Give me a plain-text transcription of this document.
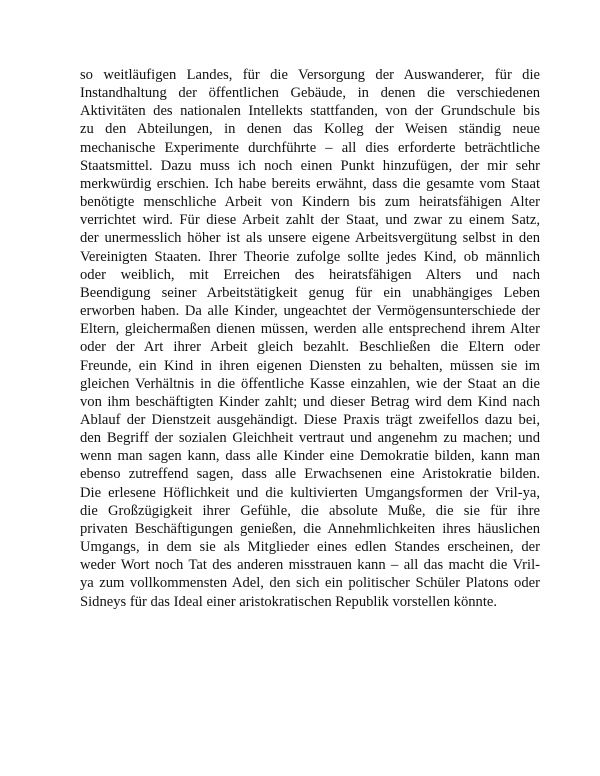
so weitläufigen Landes, für die Versorgung der Auswanderer, für die
Instandhaltung der öffentlichen Gebäude, in denen die verschiedenen
Aktivitäten des nationalen Intellekts stattfanden, von der Grundschule bis
zu den Abteilungen, in denen das Kolleg der Weisen ständig neue
mechanische Experimente durchführte – all dies erforderte beträchtliche
Staatsmittel. Dazu muss ich noch einen Punkt hinzufügen, der mir sehr
merkwürdig erschien. Ich habe bereits erwähnt, dass die gesamte vom Staat
benötigte menschliche Arbeit von Kindern bis zum heiratsfähigen Alter
verrichtet wird. Für diese Arbeit zahlt der Staat, und zwar zu einem Satz,
der unermesslich höher ist als unsere eigene Arbeitsvergütung selbst in den
Vereinigten Staaten. Ihrer Theorie zufolge sollte jedes Kind, ob männlich
oder weiblich, mit Erreichen des heiratsfähigen Alters und nach
Beendigung seiner Arbeitstätigkeit genug für ein unabhängiges Leben
erworben haben. Da alle Kinder, ungeachtet der Vermögensunterschiede der
Eltern, gleichermaßen dienen müssen, werden alle entsprechend ihrem Alter
oder der Art ihrer Arbeit gleich bezahlt. Beschließen die Eltern oder
Freunde, ein Kind in ihren eigenen Diensten zu behalten, müssen sie im
gleichen Verhältnis in die öffentliche Kasse einzahlen, wie der Staat an die
von ihm beschäftigten Kinder zahlt; und dieser Betrag wird dem Kind nach
Ablauf der Dienstzeit ausgehändigt. Diese Praxis trägt zweifellos dazu bei,
den Begriff der sozialen Gleichheit vertraut und angenehm zu machen; und
wenn man sagen kann, dass alle Kinder eine Demokratie bilden, kann man
ebenso zutreffend sagen, dass alle Erwachsenen eine Aristokratie bilden.
Die erlesene Höflichkeit und die kultivierten Umgangsformen der Vril-ya,
die Großzügigkeit ihrer Gefühle, die absolute Muße, die sie für ihre
privaten Beschäftigungen genießen, die Annehmlichkeiten ihres häuslichen
Umgangs, in dem sie als Mitglieder eines edlen Standes erscheinen, der
weder Wort noch Tat des anderen misstrauen kann – all das macht die Vril-
ya zum vollkommensten Adel, den sich ein politischer Schüler Platons oder
Sidneys für das Ideal einer aristokratischen Republik vorstellen könnte.
